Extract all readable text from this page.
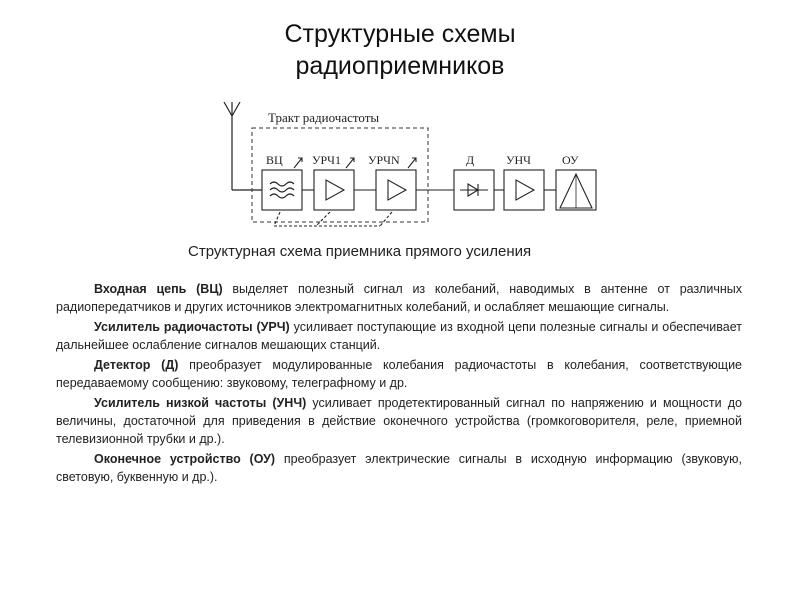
Структурные схемы
радиоприемников
Тракт радиочастоты
ВЦ УРЧ1 УРЧN	Д	УНЧ	ОУ
Структурная схема приемника прямого усиления

Входная цепь (ВЦ) выделяет полезный сигнал из колебаний, наводимых в антенне от различных радиопередатчиков и других источников электромагнитных колебаний, и ослабляет мешающие сигналы.

Усилитель радиочастоты (УРЧ) усиливает поступающие из входной цепи полезные сигналы и обеспечивает дальнейшее ослабление сигналов мешающих станций.

Детектор (Д) преобразует модулированные колебания радиочастоты в колебания, соответствующие передаваемому сообщению: звуковому, телеграфному и др.

Усилитель низкой частоты (УНЧ) усиливает продетектированный сигнал по напряжению и мощности до величины, достаточной для приведения в действие оконечного устройства (громкоговорителя, реле, приемной телевизионной трубки и др.).

Оконечное устройство (ОУ) преобразует электрические сигналы в исходную информацию (звуковую, световую, буквенную и др.).
